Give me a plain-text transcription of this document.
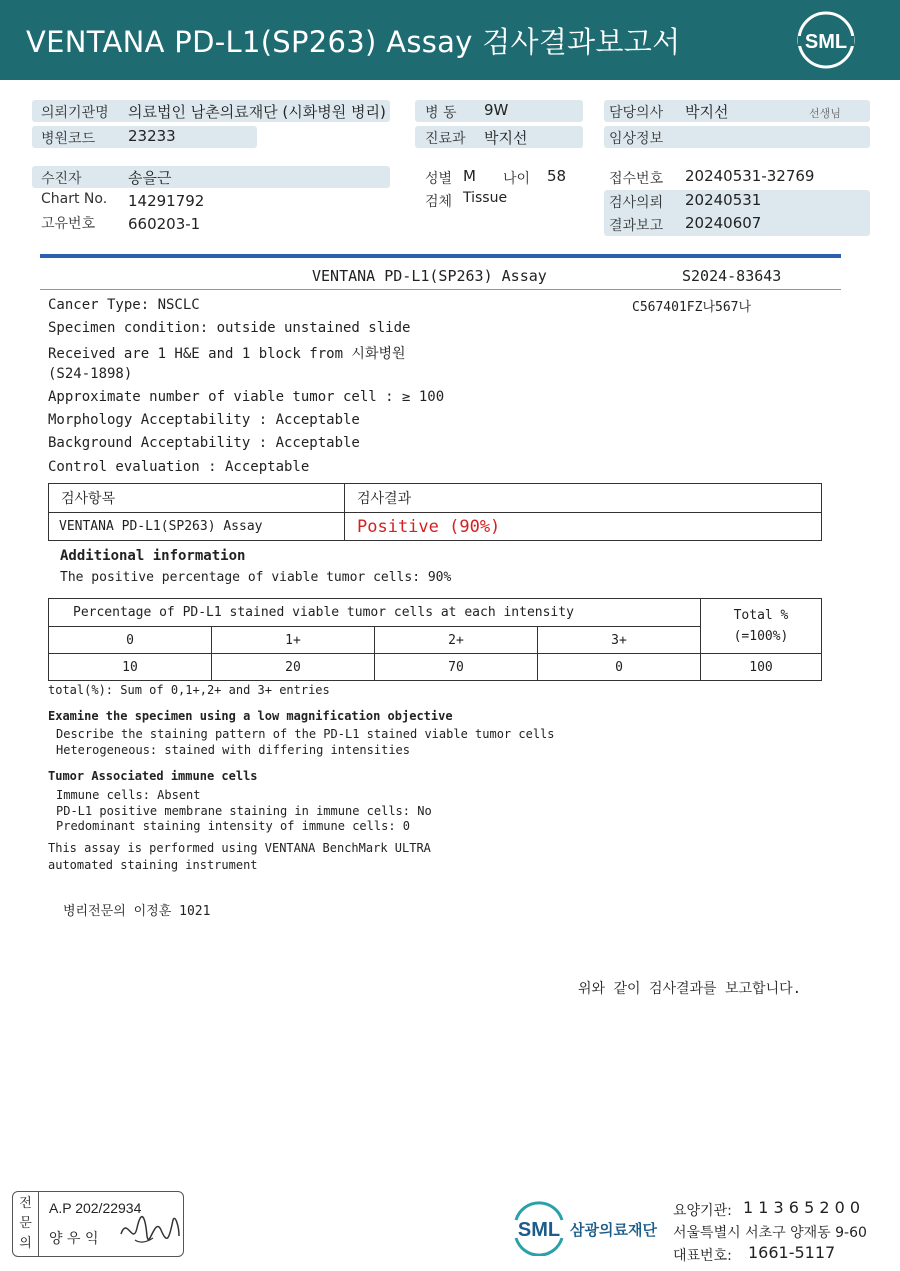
VENTANA PD-L1(SP263) Assay 검사결과보고서	SML
의뢰기관명 의료법인 남촌의료재단 (시화병원 병리)
병원코드 23233
병 동 9W
진료과 박지선
담당의사 박지선	선생님
임상정보
수진자	송을근
Chart No. 14291792
고유번호 660203-1
성별 M 나이 58
검체 Tissue
접수번호 20240531-32769
검사의뢰 20240531
결과보고 20240607
VENTANA PD-L1(SP263) Assay	S2024-83643
C567401FZ나567나
Cancer Type: NSCLC
Specimen condition: outside unstained slide
Received are 1 H&E and 1 block from 시화병원
(S24-1898)
Approximate number of viable tumor cell : ≥ 100
Morphology Acceptability : Acceptable
Background Acceptability : Acceptable
Control evaluation : Acceptable
검사항목	검사결과
VENTANA PD-L1(SP263) Assay	Positive (90%)
Additional information
The positive percentage of viable tumor cells: 90%
Percentage of PD-L1 stained viable tumor cells at each intensity				Total %
(=100%)

0	1+	2+	3+	
10	20	70	0	100
total(%): Sum of 0,1+,2+ and 3+ entries
Examine the specimen using a low magnification objective
Describe the staining pattern of the PD-L1 stained viable tumor cells
Heterogeneous: stained with differing intensities
Tumor Associated immune cells
Immune cells: Absent
PD-L1 positive membrane staining in immune cells: No
Predominant staining intensity of immune cells: 0
This assay is performed using VENTANA BenchMark ULTRA
automated staining instrument
병리전문의 이정훈 1021
위와 같이 검사결과를 보고합니다.
전문의
A.P 202/22934
양 우 익	SML 삼광의료재단
요양기관: 1 1 3 6 5 2 0 0
서울특별시 서초구 양재동 9-60
대표번호: 1661-5117
